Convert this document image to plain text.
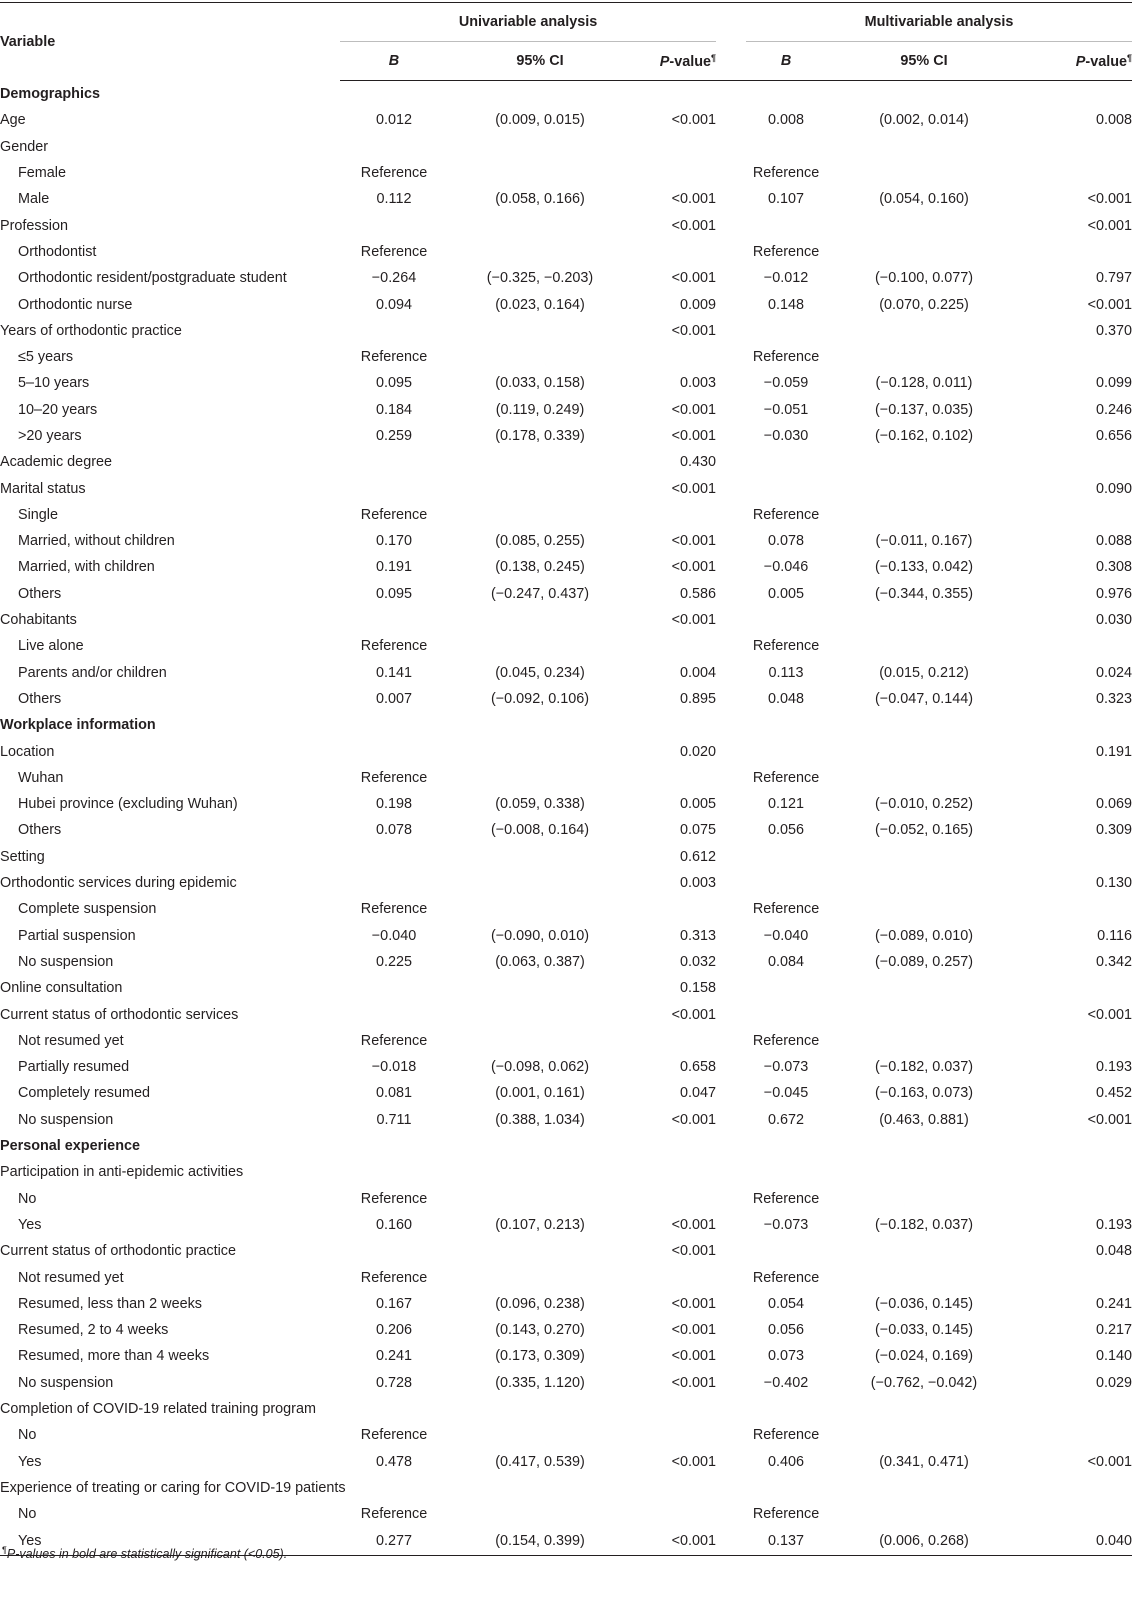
Variable	Univariable analysis				Multivariable analysis		
	B	95% CI	P-value¶		B	95% CI	P-value¶
Demographics							
Age	0.012	(0.009, 0.015)	<0.001		0.008	(0.002, 0.014)	0.008
Gender							
Female	Reference				Reference		
Male	0.112	(0.058, 0.166)	<0.001		0.107	(0.054, 0.160)	<0.001
Profession			<0.001				<0.001
Orthodontist	Reference				Reference		
Orthodontic resident/postgraduate student	−0.264	(−0.325, −0.203)	<0.001		−0.012	(−0.100, 0.077)	0.797
Orthodontic nurse	0.094	(0.023, 0.164)	0.009		0.148	(0.070, 0.225)	<0.001
Years of orthodontic practice			<0.001				0.370
≤5 years	Reference				Reference		
5–10 years	0.095	(0.033, 0.158)	0.003		−0.059	(−0.128, 0.011)	0.099
10–20 years	0.184	(0.119, 0.249)	<0.001		−0.051	(−0.137, 0.035)	0.246
>20 years	0.259	(0.178, 0.339)	<0.001		−0.030	(−0.162, 0.102)	0.656
Academic degree			0.430				
Marital status			<0.001				0.090
Single	Reference				Reference		
Married, without children	0.170	(0.085, 0.255)	<0.001		0.078	(−0.011, 0.167)	0.088
Married, with children	0.191	(0.138, 0.245)	<0.001		−0.046	(−0.133, 0.042)	0.308
Others	0.095	(−0.247, 0.437)	0.586		0.005	(−0.344, 0.355)	0.976
Cohabitants			<0.001				0.030
Live alone	Reference				Reference		
Parents and/or children	0.141	(0.045, 0.234)	0.004		0.113	(0.015, 0.212)	0.024
Others	0.007	(−0.092, 0.106)	0.895		0.048	(−0.047, 0.144)	0.323
Workplace information							
Location			0.020				0.191
Wuhan	Reference				Reference		
Hubei province (excluding Wuhan)	0.198	(0.059, 0.338)	0.005		0.121	(−0.010, 0.252)	0.069
Others	0.078	(−0.008, 0.164)	0.075		0.056	(−0.052, 0.165)	0.309
Setting			0.612				
Orthodontic services during epidemic			0.003				0.130
Complete suspension	Reference				Reference		
Partial suspension	−0.040	(−0.090, 0.010)	0.313		−0.040	(−0.089, 0.010)	0.116
No suspension	0.225	(0.063, 0.387)	0.032		0.084	(−0.089, 0.257)	0.342
Online consultation			0.158				
Current status of orthodontic services			<0.001				<0.001
Not resumed yet	Reference				Reference		
Partially resumed	−0.018	(−0.098, 0.062)	0.658		−0.073	(−0.182, 0.037)	0.193
Completely resumed	0.081	(0.001, 0.161)	0.047		−0.045	(−0.163, 0.073)	0.452
No suspension	0.711	(0.388, 1.034)	<0.001		0.672	(0.463, 0.881)	<0.001
Personal experience							
Participation in anti-epidemic activities							
No	Reference				Reference		
Yes	0.160	(0.107, 0.213)	<0.001		−0.073	(−0.182, 0.037)	0.193
Current status of orthodontic practice			<0.001				0.048
Not resumed yet	Reference				Reference		
Resumed, less than 2 weeks	0.167	(0.096, 0.238)	<0.001		0.054	(−0.036, 0.145)	0.241
Resumed, 2 to 4 weeks	0.206	(0.143, 0.270)	<0.001		0.056	(−0.033, 0.145)	0.217
Resumed, more than 4 weeks	0.241	(0.173, 0.309)	<0.001		0.073	(−0.024, 0.169)	0.140
No suspension	0.728	(0.335, 1.120)	<0.001		−0.402	(−0.762, −0.042)	0.029
Completion of COVID-19 related training program							
No	Reference				Reference		
Yes	0.478	(0.417, 0.539)	<0.001		0.406	(0.341, 0.471)	<0.001
Experience of treating or caring for COVID-19 patients							
No	Reference				Reference		
Yes	0.277	(0.154, 0.399)	<0.001		0.137	(0.006, 0.268)	0.040
¶P-values in bold are statistically significant (<0.05).
